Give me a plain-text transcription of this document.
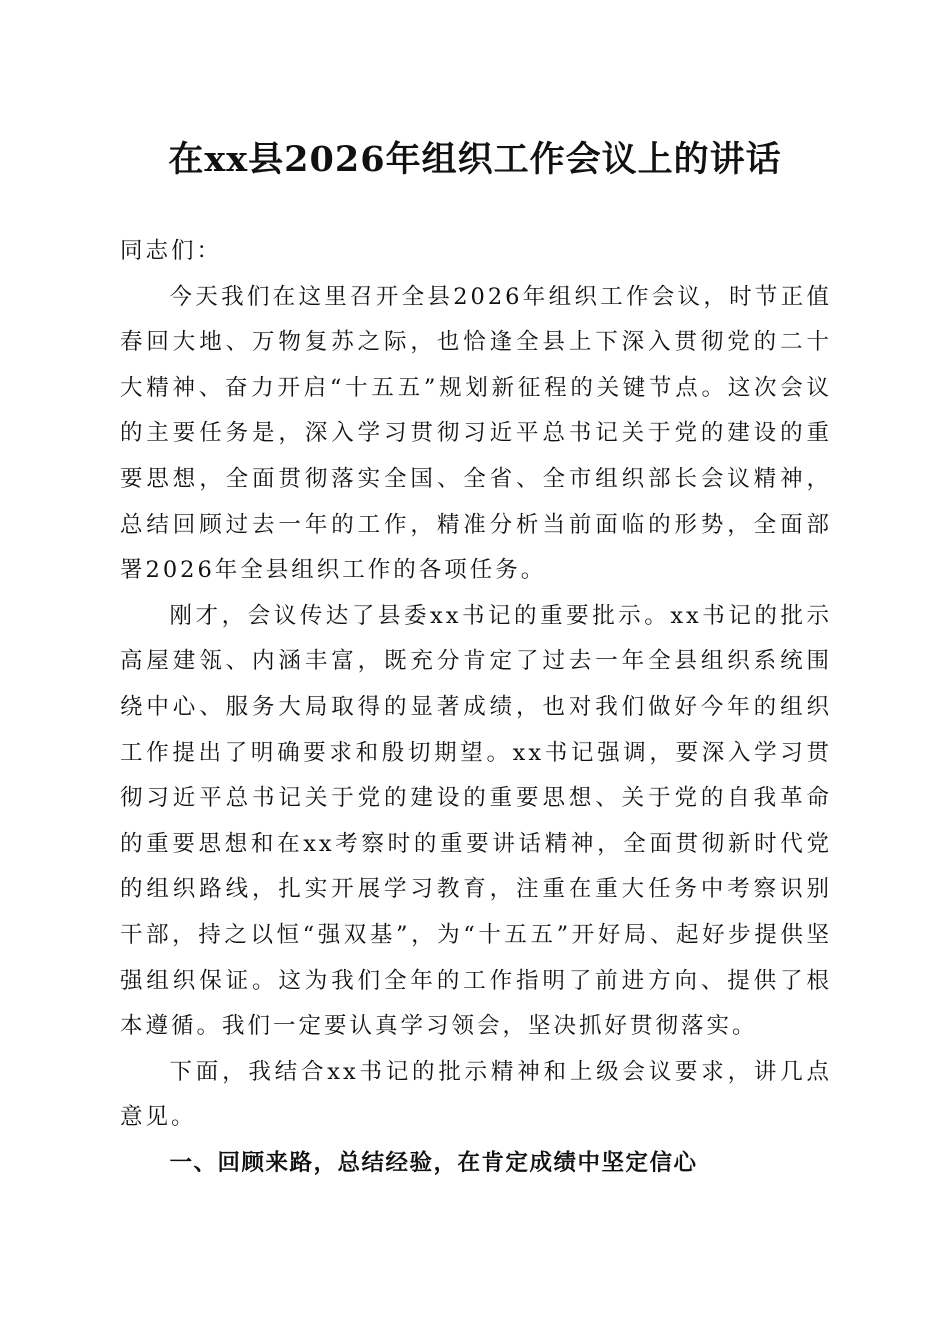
在xx县2026年组织工作会议上的讲话

同志们：

今天我们在这里召开全县2026年组织工作会议，时节正值春回大地、万物复苏之际，也恰逢全县上下深入贯彻党的二十大精神、奋力开启“十五五”规划新征程的关键节点。这次会议的主要任务是，深入学习贯彻习近平总书记关于党的建设的重要思想，全面贯彻落实全国、全省、全市组织部长会议精神，总结回顾过去一年的工作，精准分析当前面临的形势，全面部署2026年全县组织工作的各项任务。

刚才，会议传达了县委xx书记的重要批示。xx书记的批示高屋建瓴、内涵丰富，既充分肯定了过去一年全县组织系统围绕中心、服务大局取得的显著成绩，也对我们做好今年的组织工作提出了明确要求和殷切期望。xx书记强调，要深入学习贯彻习近平总书记关于党的建设的重要思想、关于党的自我革命的重要思想和在xx考察时的重要讲话精神，全面贯彻新时代党的组织路线，扎实开展学习教育，注重在重大任务中考察识别干部，持之以恒“强双基”，为“十五五”开好局、起好步提供坚强组织保证。这为我们全年的工作指明了前进方向、提供了根本遵循。我们一定要认真学习领会，坚决抓好贯彻落实。

下面，我结合xx书记的批示精神和上级会议要求，讲几点意见。

一、回顾来路，总结经验，在肯定成绩中坚定信心
